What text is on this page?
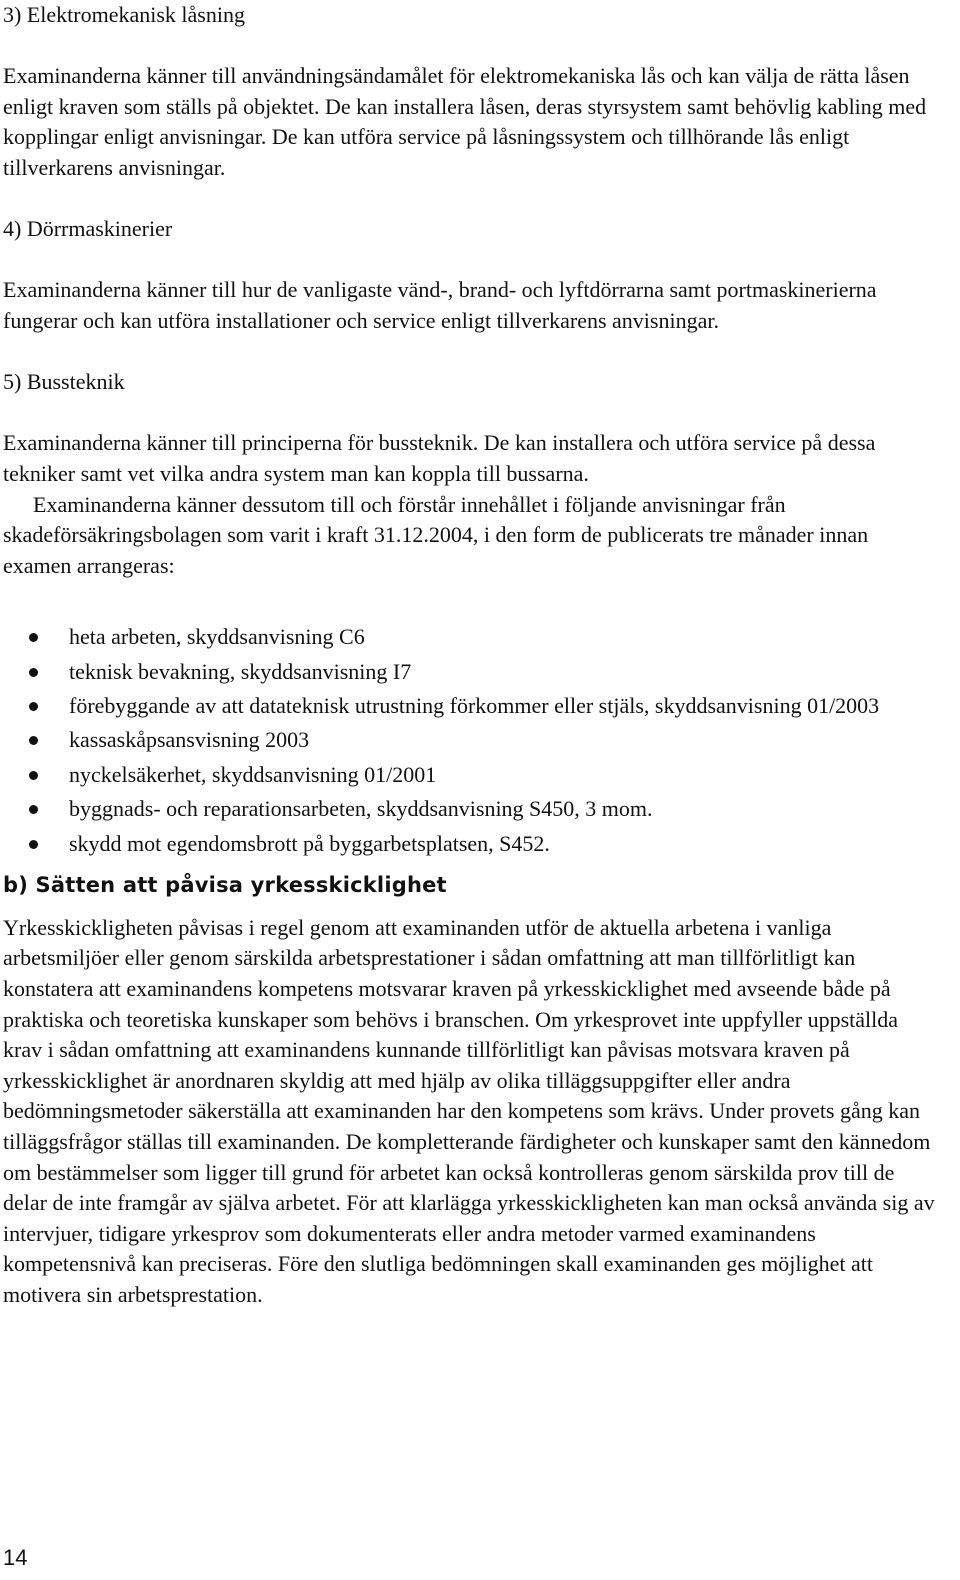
3) Elektromekanisk låsning

Examinanderna känner till användningsändamålet för elektromekaniska lås och kan välja de rätta låsen enligt kraven som ställs på objektet. De kan installera låsen, deras styrsystem samt behövlig kabling med kopplingar enligt anvisningar. De kan utföra service på låsningssystem och tillhörande lås enligt tillverkarens anvisningar.

4) Dörrmaskinerier

Examinanderna känner till hur de vanligaste vänd-, brand- och lyftdörrarna samt portmaskinerierna fungerar och kan utföra installationer och service enligt tillverkarens anvisningar.

5) Bussteknik

Examinanderna känner till principerna för bussteknik. De kan installera och utföra service på dessa tekniker samt vet vilka andra system man kan koppla till bussarna.

Examinanderna känner dessutom till och förstår innehållet i följande anvisningar från skadeförsäkringsbolagen som varit i kraft 31.12.2004, i den form de publicerats tre månader innan examen arrangeras:

heta arbeten, skyddsanvisning C6
teknisk bevakning, skyddsanvisning I7
förebyggande av att datateknisk utrustning förkommer eller stjäls, skyddsanvisning 01/2003
kassaskåpsansvisning 2003
nyckelsäkerhet, skyddsanvisning 01/2001
byggnads- och reparationsarbeten, skyddsanvisning S450, 3 mom.
skydd mot egendomsbrott på byggarbetsplatsen, S452.

b) Sätten att påvisa yrkesskicklighet

Yrkesskickligheten påvisas i regel genom att examinanden utför de aktuella arbetena i vanliga arbetsmiljöer eller genom särskilda arbetsprestationer i sådan omfattning att man tillförlitligt kan konstatera att examinandens kompetens motsvarar kraven på yrkesskicklighet med avseende både på praktiska och teoretiska kunskaper som behövs i branschen. Om yrkesprovet inte uppfyller uppställda krav i sådan omfattning att examinandens kunnande tillförlitligt kan påvisas motsvara kraven på yrkesskicklighet är anordnaren skyldig att med hjälp av olika tilläggsuppgifter eller andra bedömningsmetoder säkerställa att examinanden har den kompetens som krävs. Under provets gång kan tilläggsfrågor ställas till examinanden. De kompletterande färdigheter och kunskaper samt den kännedom om bestämmelser som ligger till grund för arbetet kan också kontrolleras genom särskilda prov till de delar de inte framgår av själva arbetet. För att klarlägga yrkesskickligheten kan man också använda sig av intervjuer, tidigare yrkesprov som dokumenterats eller andra metoder varmed examinandens kompetensnivå kan preciseras. Före den slutliga bedömningen skall examinanden ges möjlighet att motivera sin arbetsprestation.

14
